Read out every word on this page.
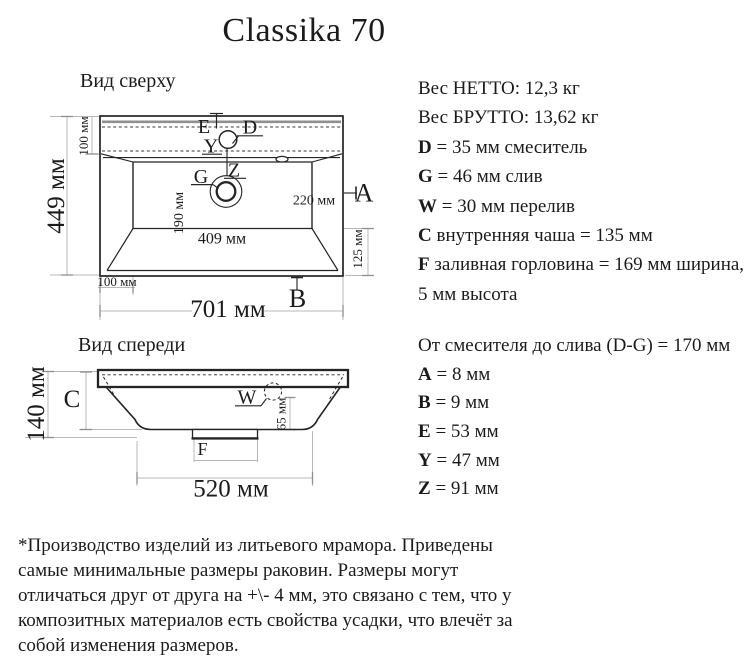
Classika 70
Вид сверху
449 мм
100 мм
190 мм	220 мм
409 мм	125 мм
100 мм
701 мм
E D
Y
Z
G
A
B
Вид спереди
140 мм C	W
65 мм
F
520 мм
Вес НЕТТО: 12,3 кг
Вес БРУТТО: 13,62 кг
D = 35 мм смеситель
G = 46 мм слив
W = 30 мм перелив
C внутренняя чаша = 135 мм
F заливная горловина = 169 мм ширина,
5 мм высота
От смесителя до слива (D-G) = 170 мм
A = 8 мм
B = 9 мм
E = 53 мм
Y = 47 мм
Z = 91 мм
*Производство изделий из литьевого мрамора. Приведены
самые минимальные размеры раковин. Размеры могут
отличаться друг от друга на +\- 4 мм, это связано с тем, что у
композитных материалов есть свойства усадки, что влечёт за
собой изменения размеров.
